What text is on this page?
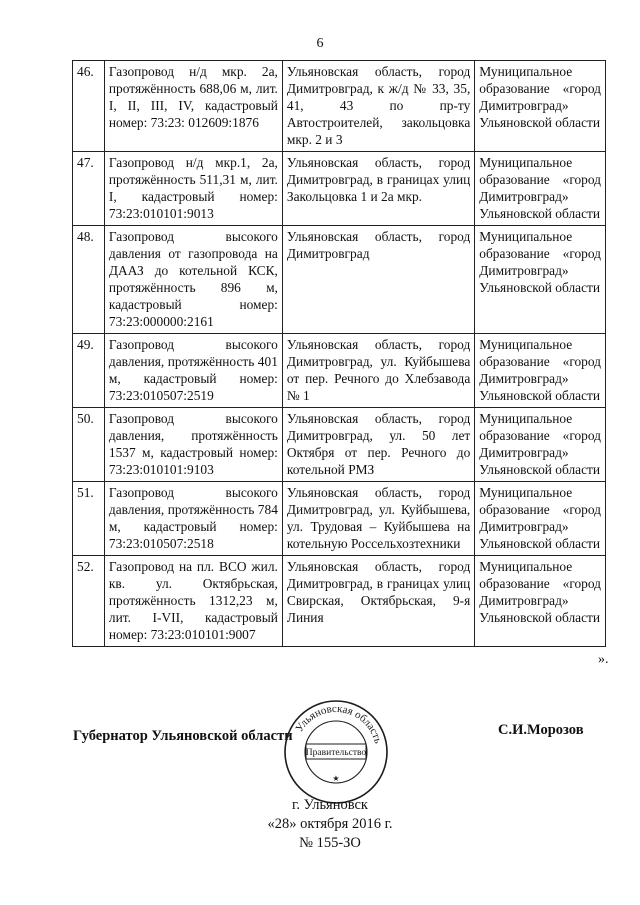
6
46.	Газопровод н/д мкр. 2а, протяжённость 688,06 м, лит. I, II, III, IV, кадастровый номер: 73:23: 012609:1876	Ульяновская область, город Димитровград, к ж/д № 33, 35, 41, 43 по пр-ту Автостроителей, закольцовка мкр. 2 и 3	Муниципальное образование «город Димитровград» Ульяновской области
47.	Газопровод н/д мкр.1, 2а, протяжённость 511,31 м, лит. I, кадастровый номер: 73:23:010101:9013	Ульяновская область, город Димитровград, в границах улиц Закольцовка 1 и 2а мкр.	Муниципальное образование «город Димитровград» Ульяновской области
48.	Газопровод высокого давления от газопровода на ДААЗ до котельной КСК, протяжённость 896 м, кадастровый номер: 73:23:000000:2161	Ульяновская область, город Димитровград	Муниципальное образование «город Димитровград» Ульяновской области
49.	Газопровод высокого давления, протяжённость 401 м, кадастровый номер: 73:23:010507:2519	Ульяновская область, город Димитровград, ул. Куйбышева от пер. Речного до Хлебзавода № 1	Муниципальное образование «город Димитровград» Ульяновской области
50.	Газопровод высокого давления, протяжённость 1537 м, кадастровый номер: 73:23:010101:9103	Ульяновская область, город Димитровград, ул. 50 лет Октября от пер. Речного до котельной РМЗ	Муниципальное образование «город Димитровград» Ульяновской области
51.	Газопровод высокого давления, протяжённость 784 м, кадастровый номер: 73:23:010507:2518	Ульяновская область, город Димитровград, ул. Куйбышева, ул. Трудовая – Куйбышева на котельную Россельхозтехники	Муниципальное образование «город Димитровград» Ульяновской области
52.	Газопровод на пл. ВСО жил. кв. ул. Октябрьская, протяжённость 1312,23 м, лит. I-VII, кадастровый номер: 73:23:010101:9007	Ульяновская область, город Димитровград, в границах улиц Свирская, Октябрьская, 9-я Линия	Муниципальное образование «город Димитровград» Ульяновской области
».
Губернатор Ульяновской области Ульяновская область
Правительство
★
С.И.Морозов
г. Ульяновск
«28» октября 2016 г.
№ 155-ЗО
